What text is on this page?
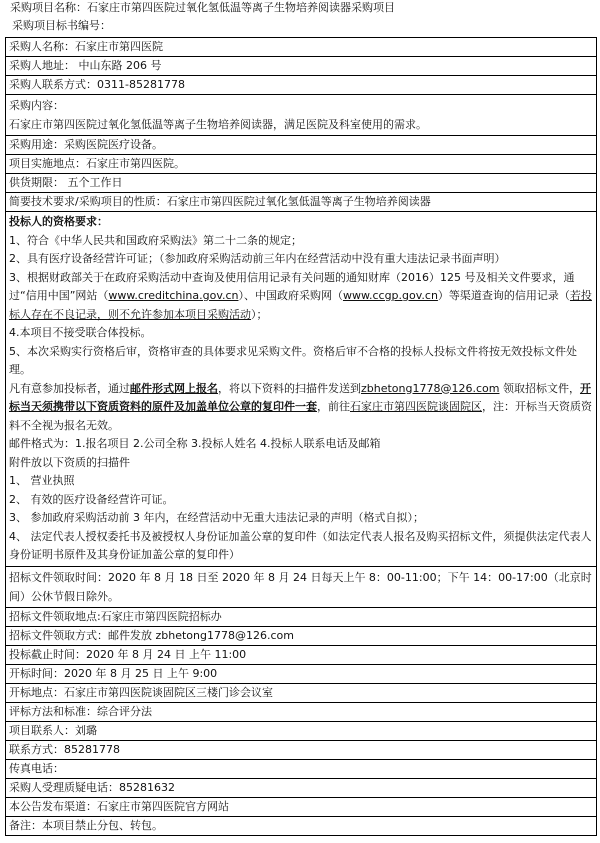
采购项目名称：石家庄市第四医院过氧化氢低温等离子生物培养阅读器采购项目
采购项目标书编号：
采购人名称：石家庄市第四医院
采购人地址： 中山东路 206 号
采购人联系方式：0311-85281778

采购内容：
石家庄市第四医院过氧化氢低温等离子生物培养阅读器，满足医院及科室使用的需求。

采购用途：采购医院医疗设备。
项目实施地点：石家庄市第四医院。
供货期限： 五个工作日
简要技术要求/采购项目的性质：石家庄市第四医院过氧化氢低温等离子生物培养阅读器

投标人的资格要求：
1、符合《中华人民共和国政府采购法》第二十二条的规定；
2、具有医疗设备经营许可证；（参加政府采购活动前三年内在经营活动中没有重大违法记录书面声明）
3、根据财政部关于在政府采购活动中查询及使用信用记录有关问题的通知财库（2016）125 号及相关文件要求，通过“信用中国”网站（www.creditchina.gov.cn）、中国政府采购网（www.ccgp.gov.cn）等渠道查询的信用记录（若投标人存在不良记录，则不允许参加本项目采购活动）；
4.本项目不接受联合体投标。
5、本次采购实行资格后审，资格审查的具体要求见采购文件。资格后审不合格的投标人投标文件将按无效投标文件处理。
凡有意参加投标者，通过邮件形式网上报名，将以下资料的扫描件发送到zbhetong1778@126.com 领取招标文件，开标当天须携带以下资质资料的原件及加盖单位公章的复印件一套，前往石家庄市第四医院谈固院区，注：开标当天资质资料不全视为报名无效。
邮件格式为：1.报名项目 2.公司全称 3.投标人姓名 4.投标人联系电话及邮箱
附件放以下资质的扫描件
1、 营业执照
2、 有效的医疗设备经营许可证。
3、 参加政府采购活动前 3 年内，在经营活动中无重大违法记录的声明（格式自拟）；
4、 法定代表人授权委托书及被授权人身份证加盖公章的复印件（如法定代表人报名及购买招标文件，须提供法定代表人身份证明书原件及其身份证加盖公章的复印件）

招标文件领取时间：2020 年 8 月 18 日至 2020 年 8 月 24 日每天上午 8：00-11:00；下午 14：00-17:00（北京时间）公休节假日除外。
招标文件领取地点:石家庄市第四医院招标办
招标文件领取方式：邮件发放 zbhetong1778@126.com
投标截止时间：2020 年 8 月 24 日 上午 11:00
开标时间：2020 年 8 月 25 日 上午 9:00
开标地点：石家庄市第四医院谈固院区三楼门诊会议室
评标方法和标准：综合评分法
项目联系人：刘璐
联系方式：85281778
传真电话：
采购人受理质疑电话：85281632
本公告发布渠道：石家庄市第四医院官方网站
备注：本项目禁止分包、转包。
